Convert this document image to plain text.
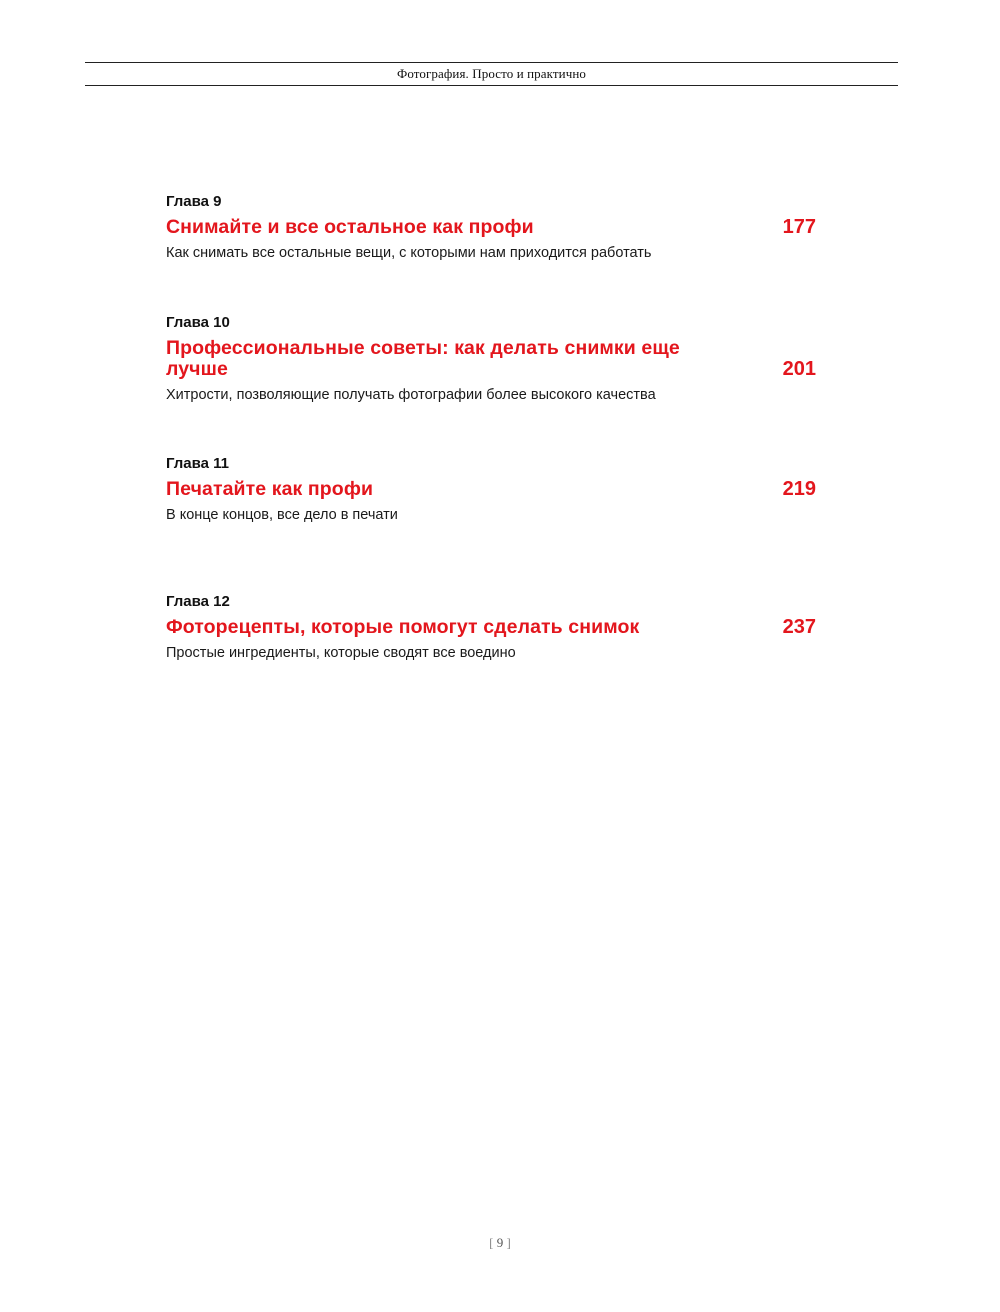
Фотография. Просто и практично
Глава 9
Снимайте и все остальное как профи	177
Как снимать все остальные вещи, с которыми нам приходится работать
Глава 10
Профессиональные советы: как делать снимки еще лучше	201
Хитрости, позволяющие получать фотографии более высокого качества
Глава 11
Печатайте как профи	219
В конце концов, все дело в печати
Глава 12
Фоторецепты, которые помогут сделать снимок	237
Простые ингредиенты, которые сводят все воедино
[ 9 ]
